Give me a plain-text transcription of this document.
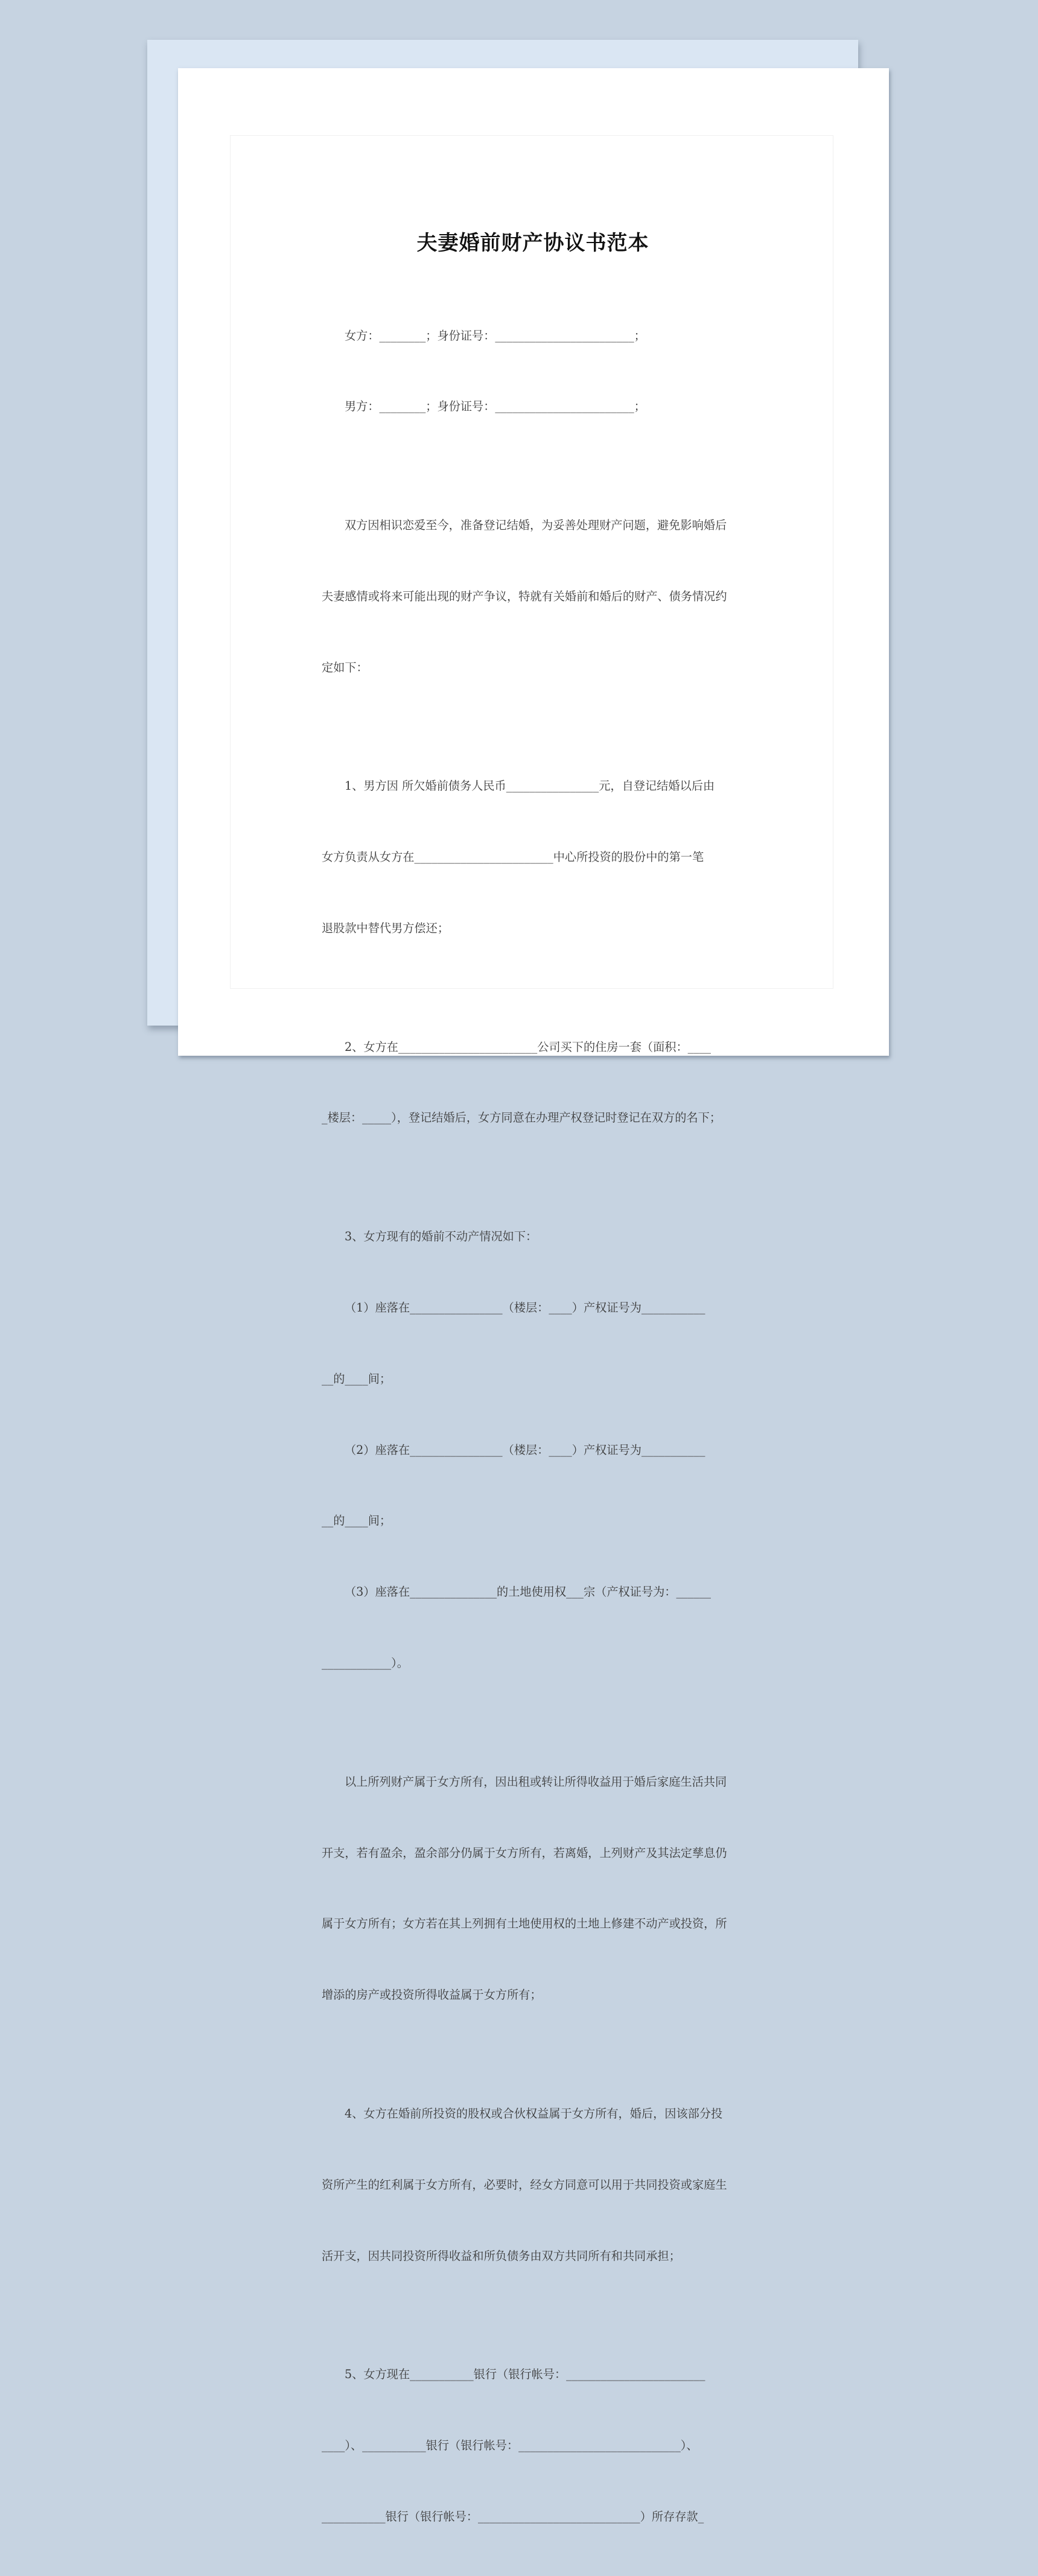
夫妻婚前财产协议书范本

女方：________；身份证号：________________________；

男方：________；身份证号：________________________；

双方因相识恋爱至今，准备登记结婚，为妥善处理财产问题，避免影响婚后

夫妻感情或将来可能出现的财产争议，特就有关婚前和婚后的财产、债务情况约

定如下：

1、男方因 所欠婚前债务人民币________________元，自登记结婚以后由

女方负责从女方在________________________中心所投资的股份中的第一笔

退股款中替代男方偿还；

2、女方在________________________公司买下的住房一套（面积：____

_楼层：_____），登记结婚后，女方同意在办理产权登记时登记在双方的名下；

3、女方现有的婚前不动产情况如下：

（1）座落在________________（楼层：____）产权证号为___________

__的____间；

（2）座落在________________（楼层：____）产权证号为___________

__的____间；

（3）座落在_______________的土地使用权___宗（产权证号为：______

____________）。

以上所列财产属于女方所有，因出租或转让所得收益用于婚后家庭生活共同

开支，若有盈余，盈余部分仍属于女方所有，若离婚，上列财产及其法定孳息仍

属于女方所有；女方若在其上列拥有土地使用权的土地上修建不动产或投资，所

增添的房产或投资所得收益属于女方所有；

4、女方在婚前所投资的股权或合伙权益属于女方所有，婚后，因该部分投

资所产生的红利属于女方所有，必要时，经女方同意可以用于共同投资或家庭生

活开支，因共同投资所得收益和所负债务由双方共同所有和共同承担；

5、女方现在___________银行（银行帐号：________________________

____）、___________银行（银行帐号：____________________________）、

___________银行（银行帐号：____________________________）所存存款_
